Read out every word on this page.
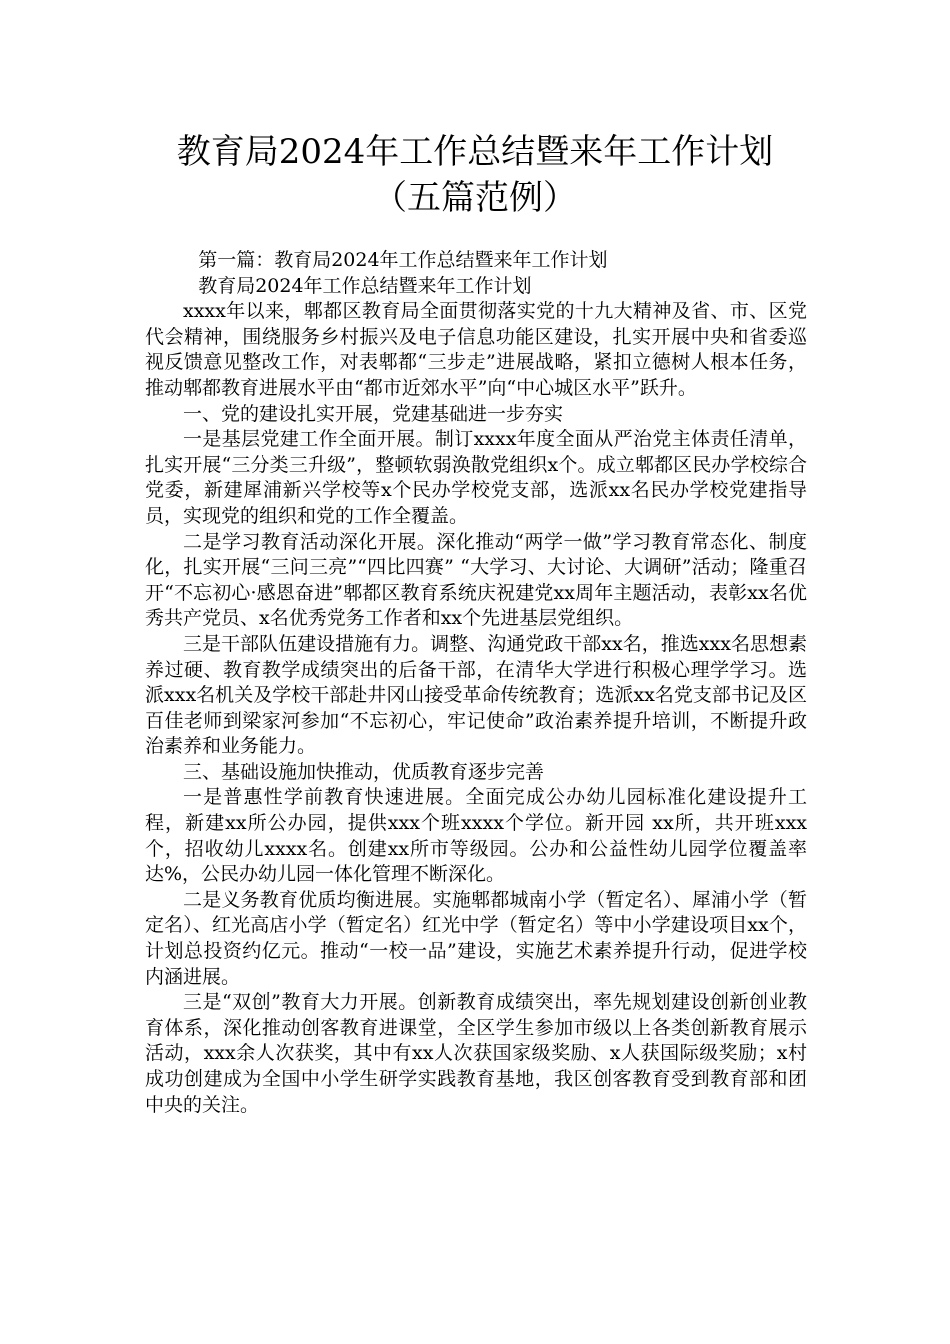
教育局2024年工作总结暨来年工作计划
（五篇范例）

第一篇：教育局2024年工作总结暨来年工作计划

教育局2024年工作总结暨来年工作计划

xxxx年以来，郫都区教育局全面贯彻落实党的十九大精神及省、市、区党代会精神，围绕服务乡村振兴及电子信息功能区建设，扎实开展中央和省委巡视反馈意见整改工作，对表郫都“三步走”进展战略，紧扣立德树人根本任务，推动郫都教育进展水平由“都市近郊水平”向“中心城区水平”跃升。

一、党的建设扎实开展，党建基础进一步夯实

一是基层党建工作全面开展。制订xxxx年度全面从严治党主体责任清单，扎实开展“三分类三升级”，整顿软弱涣散党组织x个。成立郫都区民办学校综合党委，新建犀浦新兴学校等x个民办学校党支部，选派xx名民办学校党建指导员，实现党的组织和党的工作全覆盖。

二是学习教育活动深化开展。深化推动“两学一做”学习教育常态化、制度化，扎实开展“三问三亮”“四比四赛” “大学习、大讨论、大调研”活动；隆重召开“不忘初心·感恩奋进”郫都区教育系统庆祝建党xx周年主题活动，表彰xx名优秀共产党员、x名优秀党务工作者和xx个先进基层党组织。

三是干部队伍建设措施有力。调整、沟通党政干部xx名，推选xxx名思想素养过硬、教育教学成绩突出的后备干部，在清华大学进行积极心理学学习。选派xxx名机关及学校干部赴井冈山接受革命传统教育；选派xx名党支部书记及区百佳老师到梁家河参加“不忘初心，牢记使命”政治素养提升培训，不断提升政治素养和业务能力。

三、基础设施加快推动，优质教育逐步完善

一是普惠性学前教育快速进展。全面完成公办幼儿园标准化建设提升工程，新建xx所公办园，提供xxx个班xxxx个学位。新开园 xx所，共开班xxx个，招收幼儿xxxx名。创建xx所市等级园。公办和公益性幼儿园学位覆盖率达%，公民办幼儿园一体化管理不断深化。

二是义务教育优质均衡进展。实施郫都城南小学（暂定名）、犀浦小学（暂定名）、红光高店小学（暂定名）红光中学（暂定名）等中小学建设项目xx个，计划总投资约亿元。推动“一校一品”建设，实施艺术素养提升行动，促进学校内涵进展。

三是“双创”教育大力开展。创新教育成绩突出，率先规划建设创新创业教育体系，深化推动创客教育进课堂，全区学生参加市级以上各类创新教育展示活动，xxx余人次获奖，其中有xx人次获国家级奖励、x人获国际级奖励；x村成功创建成为全国中小学生研学实践教育基地，我区创客教育受到教育部和团中央的关注。
